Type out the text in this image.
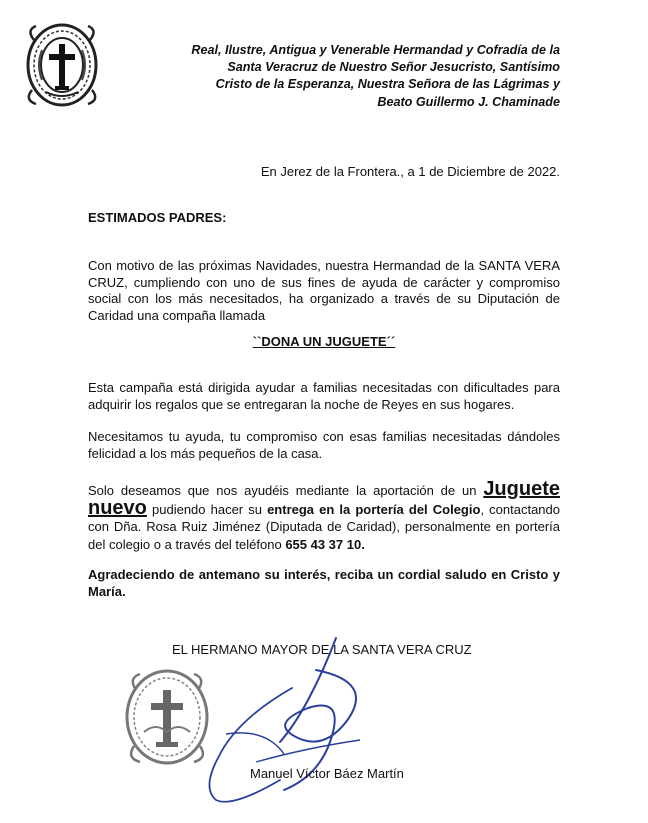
Real, Ilustre, Antigua y Venerable Hermandad y Cofradía de la Santa Veracruz de Nuestro Señor Jesucristo, Santísimo Cristo de la Esperanza, Nuestra Señora de las Lágrimas y Beato Guillermo J. Chaminade
En Jerez de la Frontera., a 1 de Diciembre de 2022.
ESTIMADOS PADRES:
Con motivo de las próximas Navidades, nuestra Hermandad de la SANTA VERA CRUZ, cumpliendo con uno de sus fines de ayuda de carácter y compromiso social con los más necesitados, ha organizado a través de su Diputación de Caridad una compaña llamada
``DONA UN JUGUETE´´
Esta campaña está dirigida ayudar a familias necesitadas con dificultades para adquirir los regalos que se entregaran la noche de Reyes en sus hogares.
Necesitamos tu ayuda, tu compromiso con esas familias necesitadas dándoles felicidad a los más pequeños de la casa.
Solo deseamos que nos ayudéis mediante la aportación de un Juguete nuevo pudiendo hacer su entrega en la portería del Colegio, contactando con Dña. Rosa Ruiz Jiménez (Diputada de Caridad), personalmente en portería del colegio o a través del teléfono 655 43 37 10.
Agradeciendo de antemano su interés, reciba un cordial saludo en Cristo y María.
EL HERMANO MAYOR DE LA SANTA VERA CRUZ
Manuel Víctor Báez Martín
